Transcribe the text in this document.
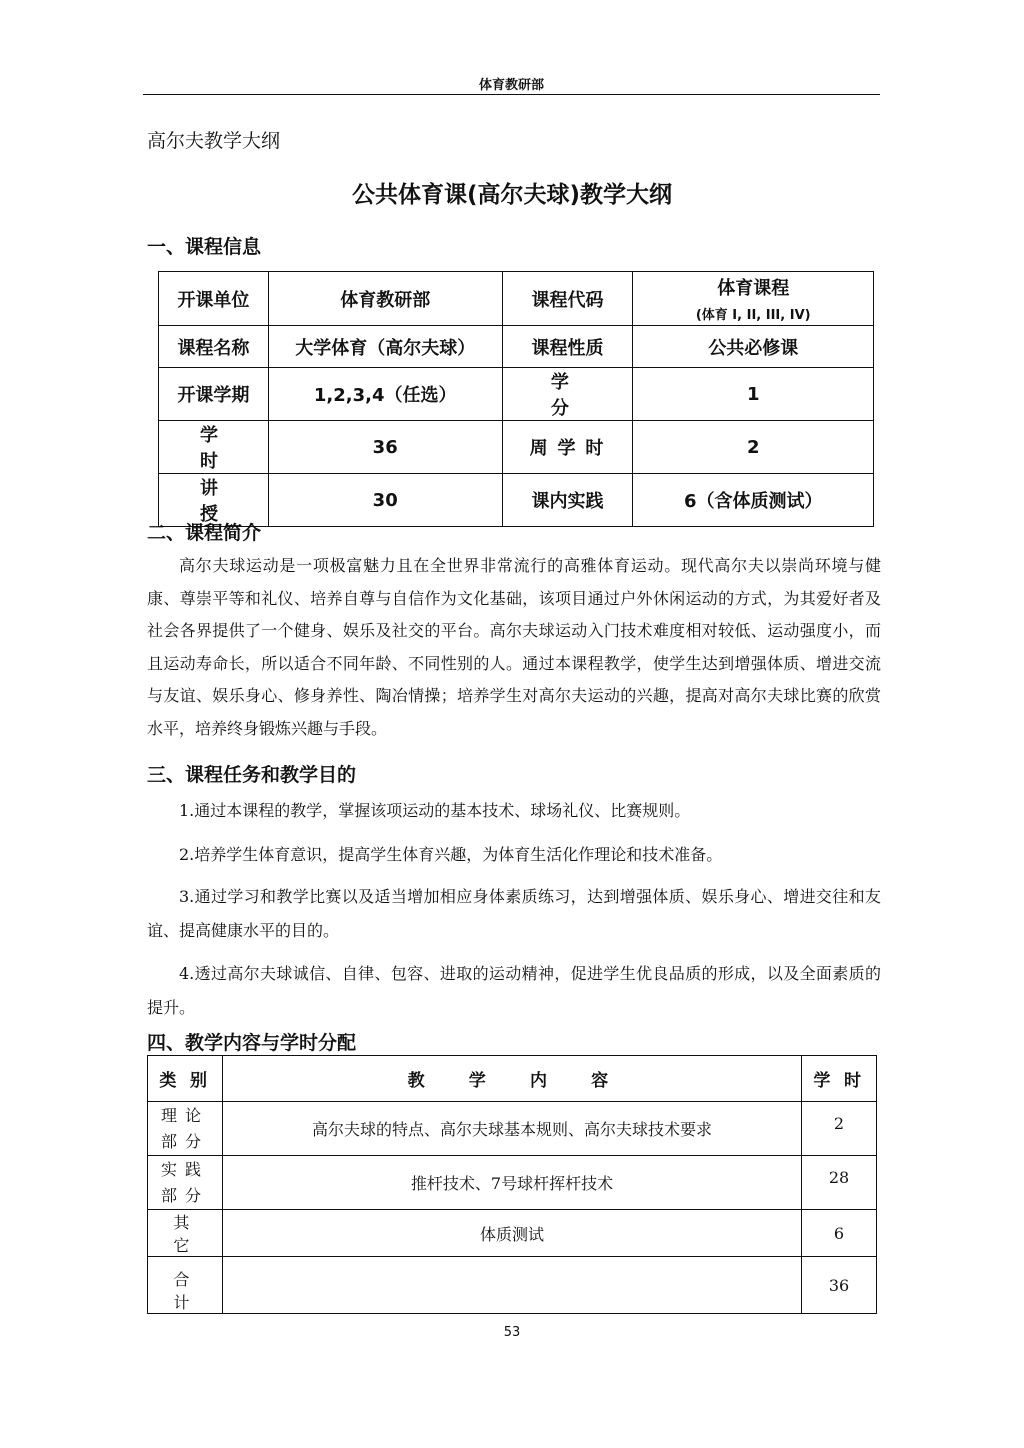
体育教研部
高尔夫教学大纲
公共体育课(高尔夫球)教学大纲
一、课程信息
开课单位	体育教研部	课程代码	体育课程
(体育 I, II, III, IV)

课程名称	大学体育（高尔夫球）	课程性质	公共必修课
开课学期	1,2,3,4（任选）	学分	1
学时	36	周学时	2
讲授	30	课内实践	6（含体质测试）
二、课程简介

高尔夫球运动是一项极富魅力且在全世界非常流行的高雅体育运动。现代高尔夫以崇尚环境与健康、尊崇平等和礼仪、培养自尊与自信作为文化基础，该项目通过户外休闲运动的方式，为其爱好者及社会各界提供了一个健身、娱乐及社交的平台。高尔夫球运动入门技术难度相对较低、运动强度小，而且运动寿命长，所以适合不同年龄、不同性别的人。通过本课程教学，使学生达到增强体质、增进交流与友谊、娱乐身心、修身养性、陶冶情操；培养学生对高尔夫运动的兴趣，提高对高尔夫球比赛的欣赏水平，培养终身锻炼兴趣与手段。

三、课程任务和教学目的

1.通过本课程的教学，掌握该项运动的基本技术、球场礼仪、比赛规则。

2.培养学生体育意识，提高学生体育兴趣，为体育生活化作理论和技术准备。

3.通过学习和教学比赛以及适当增加相应身体素质练习，达到增强体质、娱乐身心、增进交往和友谊、提高健康水平的目的。

4.透过高尔夫球诚信、自律、包容、进取的运动精神，促进学生优良品质的形成，以及全面素质的提升。

四、教学内容与学时分配
类别	教学内容	学时

理论
部分	高尔夫球的特点、高尔夫球基本规则、高尔夫球技术要求	2

实践
部分	推杆技术、7号球杆挥杆技术	28
其它	体质测试	6
合计		36
53
